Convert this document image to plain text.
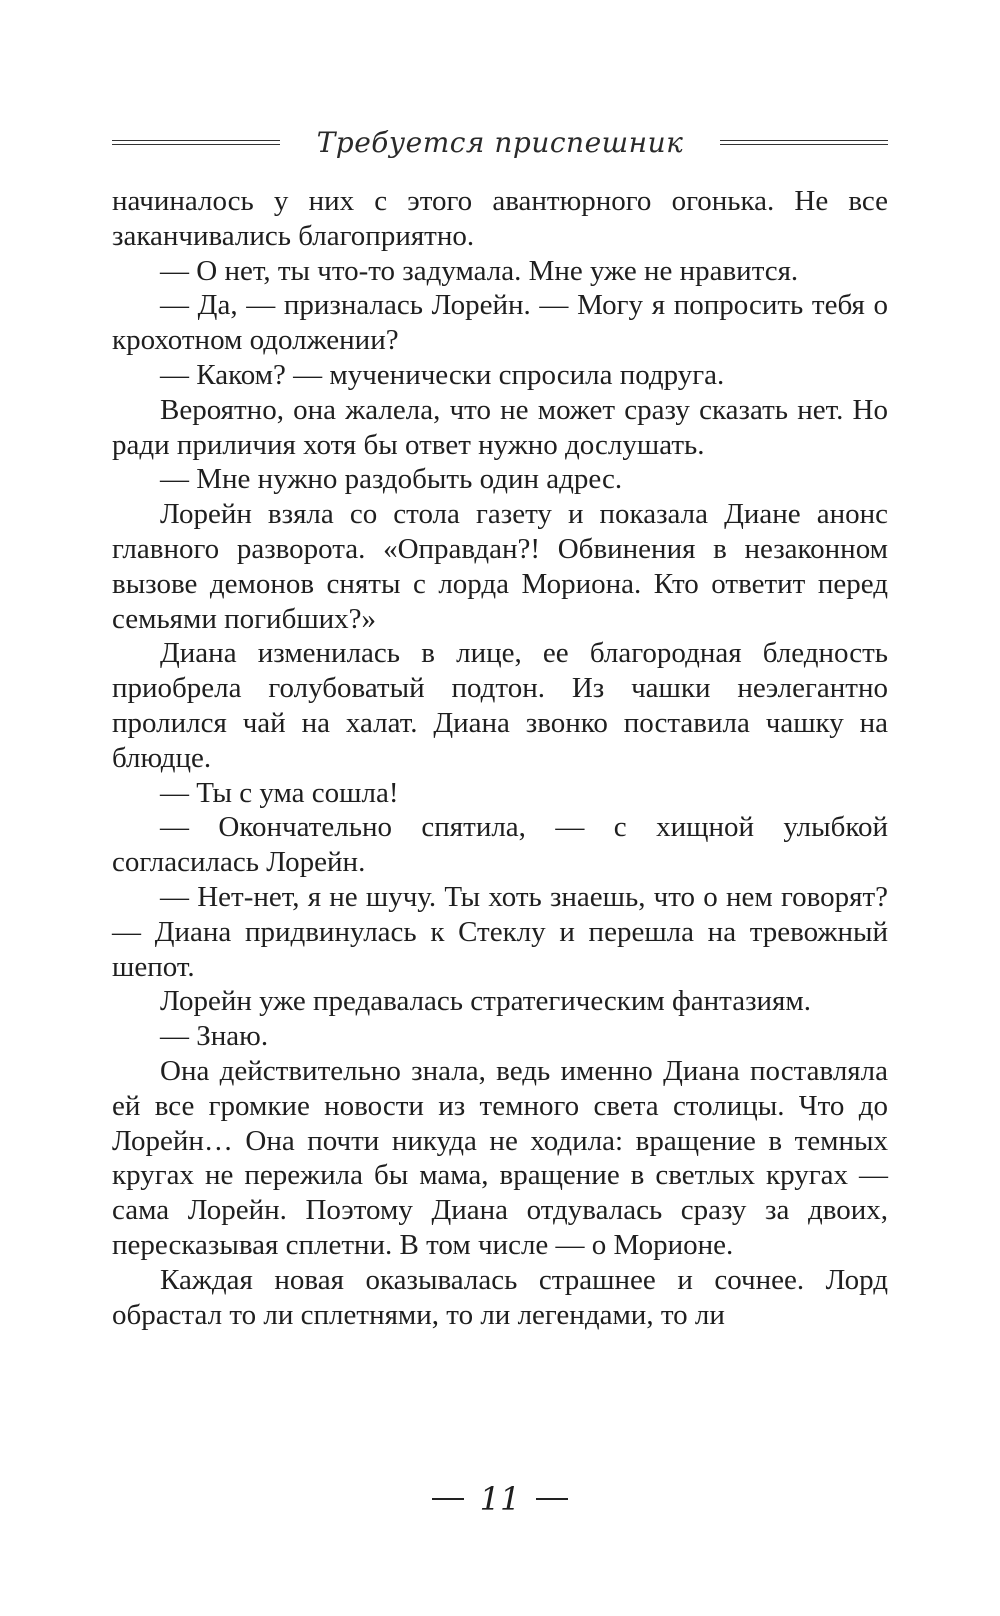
Требуется приспешник

начиналось у них с этого авантюрного огонька. Не все заканчивались благоприятно.

— О нет, ты что-то задумала. Мне уже не нравится.

— Да, — призналась Лорейн. — Могу я попросить тебя о крохотном одолжении?

— Каком? — мученически спросила подруга.

Вероятно, она жалела, что не может сразу сказать нет. Но ради приличия хотя бы ответ нужно дослушать.

— Мне нужно раздобыть один адрес.

Лорейн взяла со стола газету и показала Диане анонс главного разворота. «Оправдан?! Обвинения в незаконном вызове демонов сняты с лорда Мориона. Кто ответит перед семьями погибших?»

Диана изменилась в лице, ее благородная бледность приобрела голубоватый подтон. Из чашки неэлегантно пролился чай на халат. Диана звонко поставила чашку на блюдце.

— Ты с ума сошла!

— Окончательно спятила, — с хищной улыбкой согласилась Лорейн.

— Нет-нет, я не шучу. Ты хоть знаешь, что о нем говорят? — Диана придвинулась к Стеклу и перешла на тревожный шепот.

Лорейн уже предавалась стратегическим фантазиям.

— Знаю.

Она действительно знала, ведь именно Диана поставляла ей все громкие новости из темного света столицы. Что до Лорейн… Она почти никуда не ходила: вращение в темных кругах не пережила бы мама, вращение в светлых кругах — сама Лорейн. Поэтому Диана отдувалась сразу за двоих, пересказывая сплетни. В том числе — о Морионе.

Каждая новая оказывалась страшнее и сочнее. Лорд обрастал то ли сплетнями, то ли легендами, то ли

11
